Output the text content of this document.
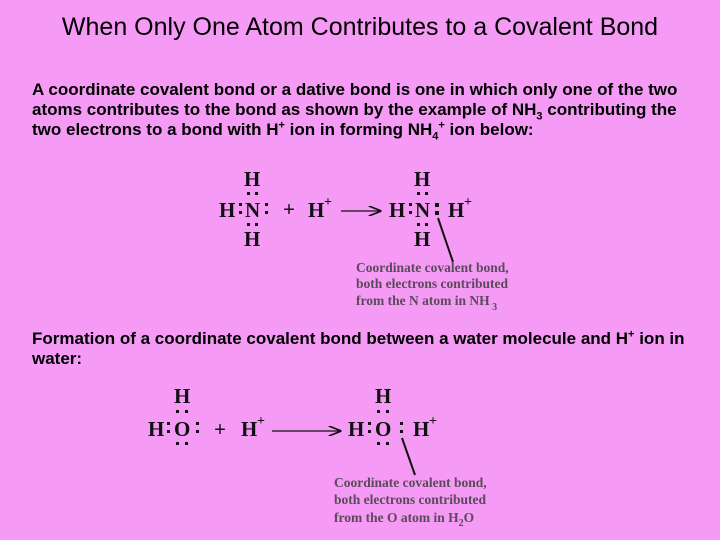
When Only One Atom Contributes to a Covalent Bond
A coordinate covalent bond or a dative bond is one in which only one of the two atoms contributes to the bond as shown by the example of $NH_3$ contributing the two electrons to a bond with H+ ion in forming $NH_4^+$ ion below:
Formation of a coordinate covalent bond between a water molecule and H+ ion in water:
H
H N
H
+ H +
H
H N
H
H +
Coordinate covalent bond,
both electrons contributed
from the N atom in NH 3
H
H O + H +
H
H O H +
Coordinate covalent bond,
both electrons contributed
from the O atom in $H_2O$
